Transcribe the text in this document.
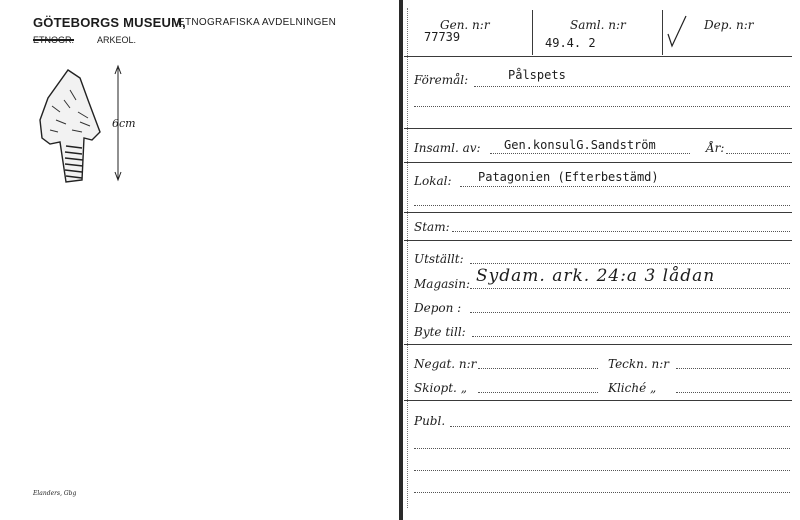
GÖTEBORGS MUSEUM,
ETNOGRAFISKA AVDELNINGEN
ETNOGR.	ARKEOL.
6cm
Elanders, Gbg
Gen. n:r
77739
Saml. n:r
49.4. 2
Dep. n:r
Föremål:	Pålspets
Insaml. av: Gen.konsulG.Sandström	År:
Lokal: Patagonien (Efterbestämd)
Stam:
Utställt:
Magasin: Sydam. ark. 24:a 3 lådan
Depon :
Byte till:
Negat. n:r	Teckn. n:r
Skiopt. „	Kliché „
Publ.
